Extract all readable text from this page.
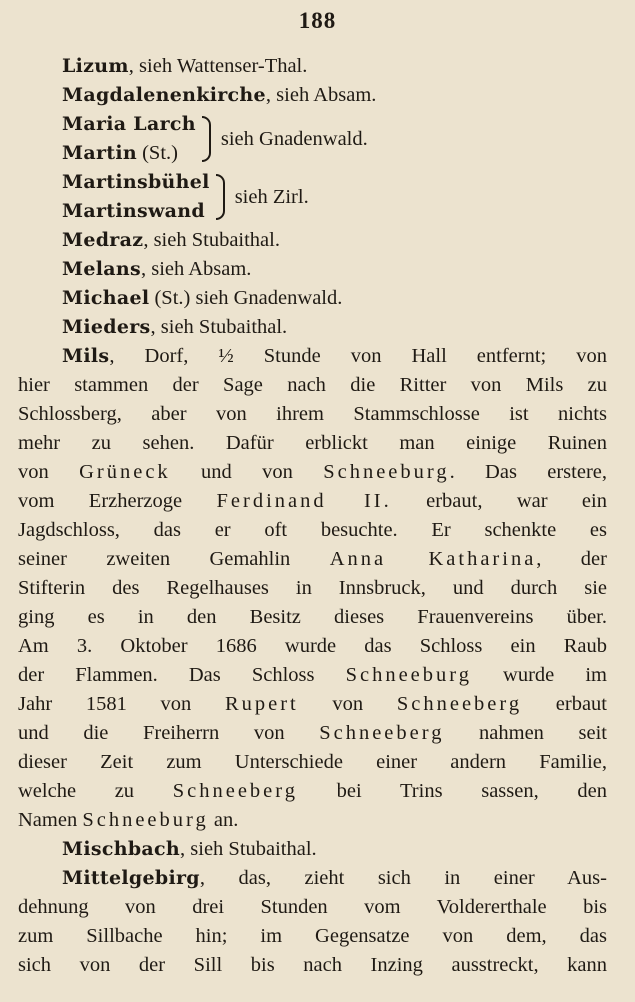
188
Lizum, sieh Wattenser-Thal.
Magdalenenkirche, sieh Absam.
Maria Larch
Martin (St.)
sieh Gnadenwald.
Martinsbühel
Martinswand
sieh Zirl.
Medraz, sieh Stubaithal.
Melans, sieh Absam.
Michael (St.) sieh Gnadenwald.
Mieders, sieh Stubaithal.
Mils, Dorf, ½ Stunde von Hall entfernt; von
hier stammen der Sage nach die Ritter von Mils zu
Schlossberg, aber von ihrem Stammschlosse ist nichts
mehr zu sehen. Dafür erblickt man einige Ruinen
von Grüneck und von Schneeburg. Das erstere,
vom Erzherzoge Ferdinand II. erbaut, war ein
Jagdschloss, das er oft besuchte. Er schenkte es
seiner zweiten Gemahlin Anna Katharina, der
Stifterin des Regelhauses in Innsbruck, und durch sie
ging es in den Besitz dieses Frauenvereins über.
Am 3. Oktober 1686 wurde das Schloss ein Raub
der Flammen. Das Schloss Schneeburg wurde im
Jahr 1581 von Rupert von Schneeberg erbaut
und die Freiherrn von Schneeberg nahmen seit
dieser Zeit zum Unterschiede einer andern Familie,
welche zu Schneeberg bei Trins sassen, den
Namen Schneeburg an.
Mischbach, sieh Stubaithal.
Mittelgebirg, das, zieht sich in einer Aus-
dehnung von drei Stunden vom Voldererthale bis
zum Sillbache hin; im Gegensatze von dem, das
sich von der Sill bis nach Inzing ausstreckt, kann
